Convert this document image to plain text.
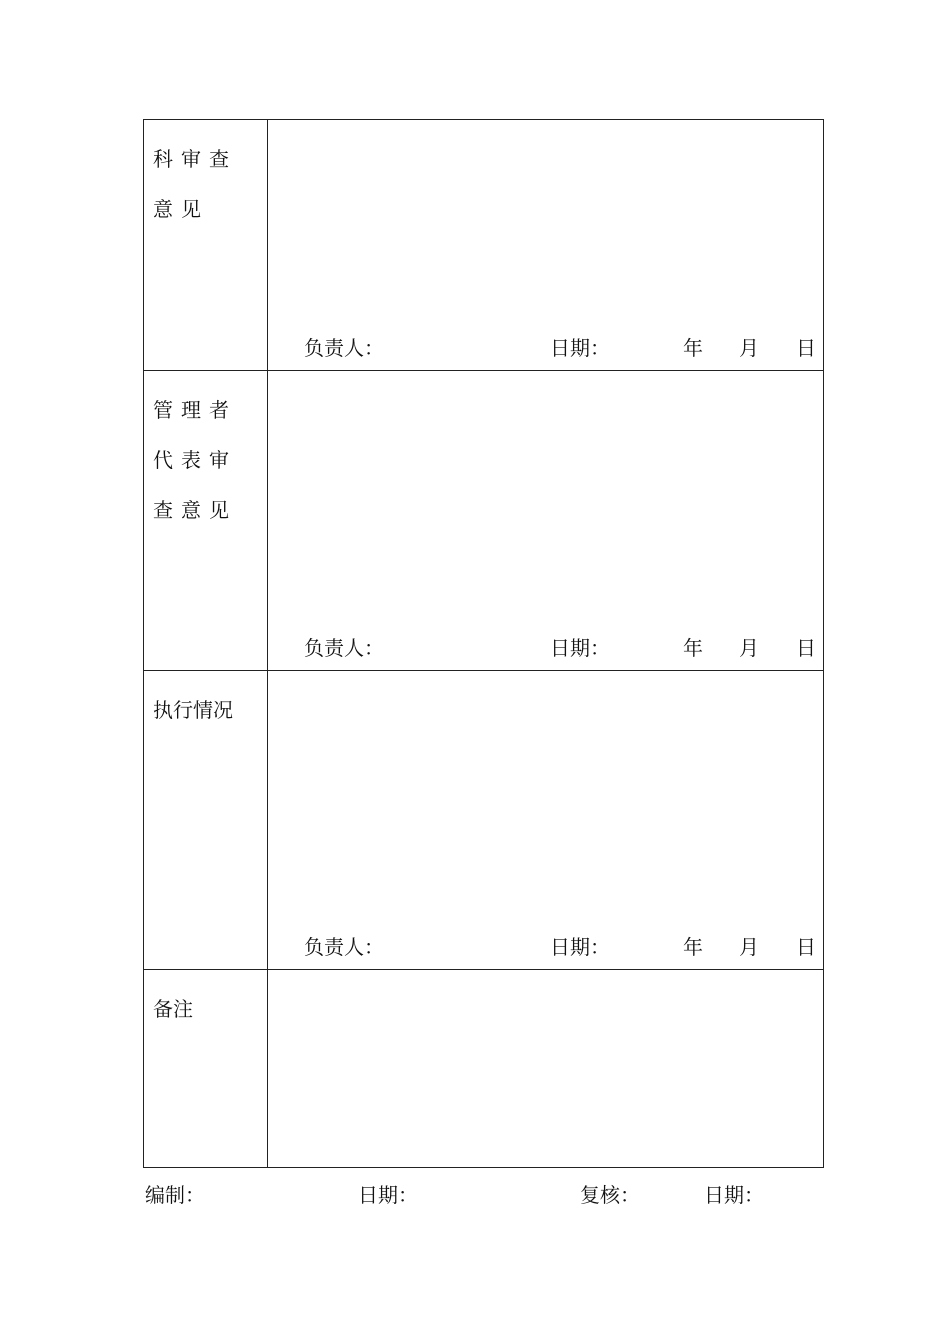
科审查意见
负责人：	日期：	年 月 日
管理者代表审查意见
负责人：	日期：	年 月 日
执行情况
负责人：	日期：	年 月 日
备注
编制：	日期：	复核：	日期：
